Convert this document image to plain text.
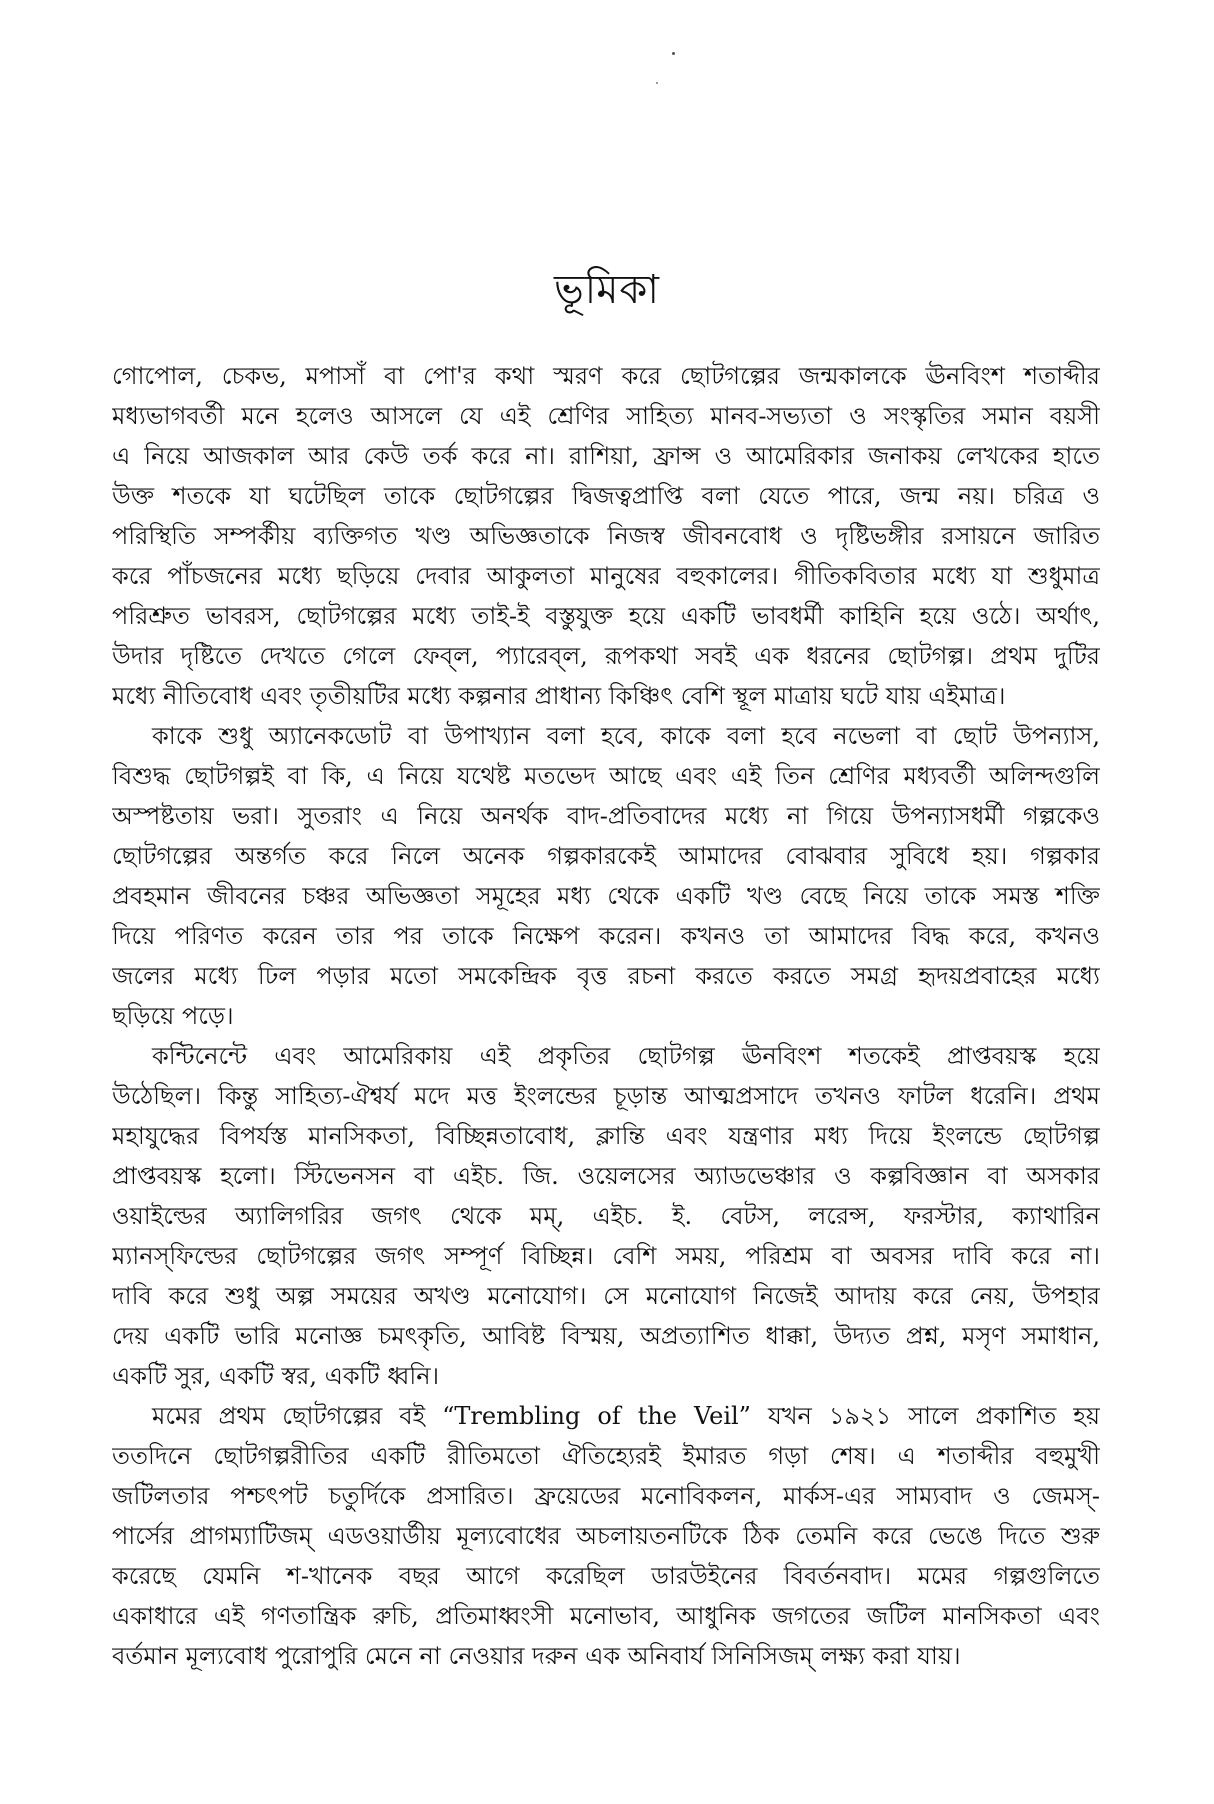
ভূমিকা
গোপোল, চেকভ, মপাসাঁ বা পো'র কথা স্মরণ করে ছোটগল্পের জন্মকালকে ঊনবিংশ শতাব্দীর
মধ্যভাগবর্তী মনে হলেও আসলে যে এই শ্রেণির সাহিত্য মানব-সভ্যতা ও সংস্কৃতির সমান বয়সী
এ নিয়ে আজকাল আর কেউ তর্ক করে না। রাশিয়া, ফ্রান্স ও আমেরিকার জনাকয় লেখকের হাতে
উক্ত শতকে যা ঘটেছিল তাকে ছোটগল্পের দ্বিজত্বপ্রাপ্তি বলা যেতে পারে, জন্ম নয়। চরিত্র ও
পরিস্থিতি সম্পর্কীয় ব্যক্তিগত খণ্ড অভিজ্ঞতাকে নিজস্ব জীবনবোধ ও দৃষ্টিভঙ্গীর রসায়নে জারিত
করে পাঁচজনের মধ্যে ছড়িয়ে দেবার আকুলতা মানুষের বহুকালের। গীতিকবিতার মধ্যে যা শুধুমাত্র
পরিশ্রুত ভাবরস, ছোটগল্পের মধ্যে তাই-ই বস্তুযুক্ত হয়ে একটি ভাবধর্মী কাহিনি হয়ে ওঠে। অর্থাৎ,
উদার দৃষ্টিতে দেখতে গেলে ফেব্‌ল, প্যারেব্‌ল, রূপকথা সবই এক ধরনের ছোটগল্প। প্রথম দুটির
মধ্যে নীতিবোধ এবং তৃতীয়টির মধ্যে কল্পনার প্রাধান্য কিঞ্চিৎ বেশি স্থূল মাত্রায় ঘটে যায় এইমাত্র।
কাকে শুধু অ্যানেকডোট বা উপাখ্যান বলা হবে, কাকে বলা হবে নভেলা বা ছোট উপন্যাস,
বিশুদ্ধ ছোটগল্পই বা কি, এ নিয়ে যথেষ্ট মতভেদ আছে এবং এই তিন শ্রেণির মধ্যবর্তী অলিন্দগুলি
অস্পষ্টতায় ভরা। সুতরাং এ নিয়ে অনর্থক বাদ-প্রতিবাদের মধ্যে না গিয়ে উপন্যাসধর্মী গল্পকেও
ছোটগল্পের অন্তর্গত করে নিলে অনেক গল্পকারকেই আমাদের বোঝবার সুবিধে হয়। গল্পকার
প্রবহমান জীবনের চঞ্চর অভিজ্ঞতা সমূহের মধ্য থেকে একটি খণ্ড বেছে নিয়ে তাকে সমস্ত শক্তি
দিয়ে পরিণত করেন তার পর তাকে নিক্ষেপ করেন। কখনও তা আমাদের বিদ্ধ করে, কখনও
জলের মধ্যে ঢিল পড়ার মতো সমকেন্দ্রিক বৃত্ত রচনা করতে করতে সমগ্র হৃদয়প্রবাহের মধ্যে
ছড়িয়ে পড়ে।
কন্টিনেন্টে এবং আমেরিকায় এই প্রকৃতির ছোটগল্প ঊনবিংশ শতকেই প্রাপ্তবয়স্ক হয়ে
উঠেছিল। কিন্তু সাহিত্য-ঐশ্বর্য মদে মত্ত ইংলন্ডের চূড়ান্ত আত্মপ্রসাদে তখনও ফাটল ধরেনি। প্রথম
মহাযুদ্ধের বিপর্যস্ত মানসিকতা, বিচ্ছিন্নতাবোধ, ক্লান্তি এবং যন্ত্রণার মধ্য দিয়ে ইংলন্ডে ছোটগল্প
প্রাপ্তবয়স্ক হলো। স্টিভেনসন বা এইচ. জি. ওয়েলসের অ্যাডভেঞ্চার ও কল্পবিজ্ঞান বা অসকার
ওয়াইল্ডের অ্যালিগরির জগৎ থেকে মম্‌, এইচ. ই. বেটস, লরেন্স, ফরস্টার, ক্যাথারিন
ম্যানস্‌ফিল্ডের ছোটগল্পের জগৎ সম্পূর্ণ বিচ্ছিন্ন। বেশি সময়, পরিশ্রম বা অবসর দাবি করে না।
দাবি করে শুধু অল্প সময়ের অখণ্ড মনোযোগ। সে মনোযোগ নিজেই আদায় করে নেয়, উপহার
দেয় একটি ভারি মনোজ্ঞ চমৎকৃতি, আবিষ্ট বিস্ময়, অপ্রত্যাশিত ধাক্কা, উদ্যত প্রশ্ন, মসৃণ সমাধান,
একটি সুর, একটি স্বর, একটি ধ্বনি।
মমের প্রথম ছোটগল্পের বই “Trembling of the Veil” যখন ১৯২১ সালে প্রকাশিত হয়
ততদিনে ছোটগল্পরীতির একটি রীতিমতো ঐতিহ্যেরই ইমারত গড়া শেষ। এ শতাব্দীর বহুমুখী
জটিলতার পশ্চৎপট চতুর্দিকে প্রসারিত। ফ্রয়েডের মনোবিকলন, মার্কস-এর সাম্যবাদ ও জেমস্‌-
পার্সের প্রাগম্যাটিজম্‌ এডওয়ার্ডীয় মূল্যবোধের অচলায়তনটিকে ঠিক তেমনি করে ভেঙে দিতে শুরু
করেছে যেমনি শ-খানেক বছর আগে করেছিল ডারউইনের বিবর্তনবাদ। মমের গল্পগুলিতে
একাধারে এই গণতান্ত্রিক রুচি, প্রতিমাধ্বংসী মনোভাব, আধুনিক জগতের জটিল মানসিকতা এবং
বর্তমান মূল্যবোধ পুরোপুরি মেনে না নেওয়ার দরুন এক অনিবার্য সিনিসিজম্‌ লক্ষ্য করা যায়।
